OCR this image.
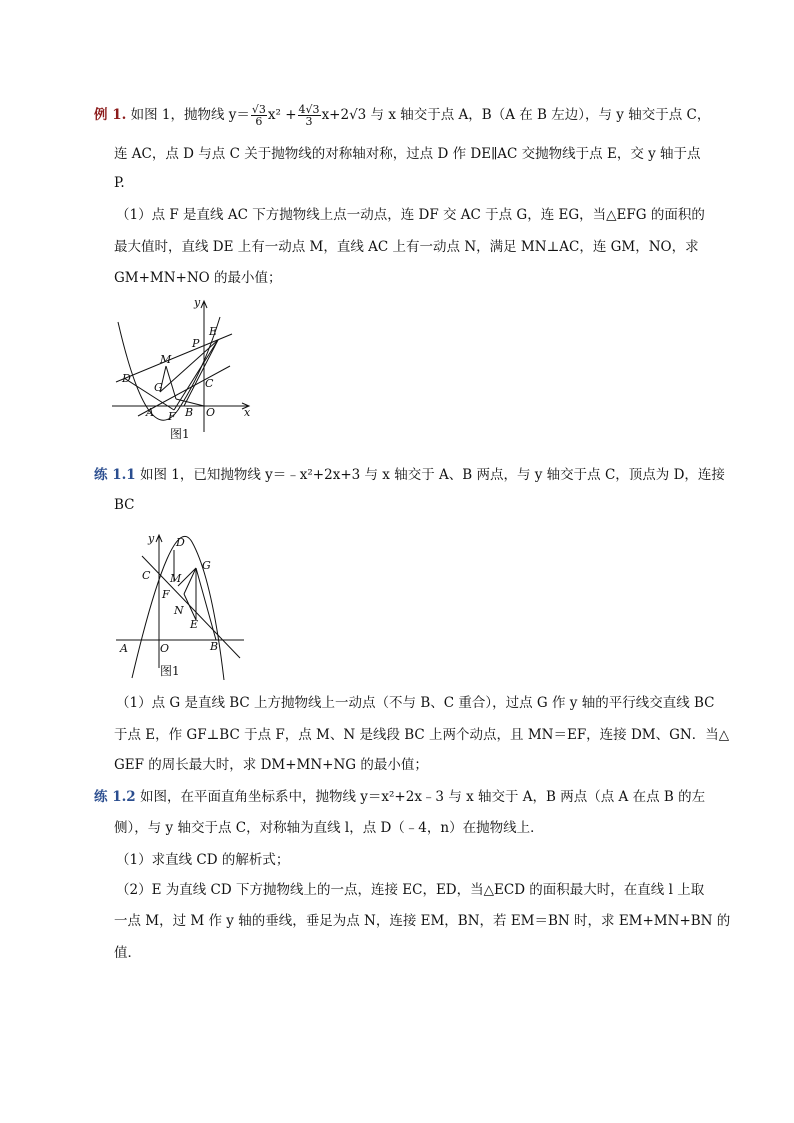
例 1. 如图 1，抛物线 $y= \frac{√3}{6} x^2 + \frac{4√3}{3} x+2√3$ 与 x 轴交于点 A，B（A 在 B 左边），与 y 轴交于点 C，
连 AC，点 D 与点 C 关于抛物线的对称轴对称，过点 D 作 DE∥AC 交抛物线于点 E，交 y 轴于点
P.
（1）点 F 是直线 AC 下方抛物线上点一动点，连 DF 交 AC 于点 G，连 EG，当△EFG 的面积的
最大值时，直线 DE 上有一动点 M，直线 AC 上有一动点 N，满足 MN⊥AC，连 GM，NO，求
GM+MN+NO 的最小值；
y
x
E
P
M
D	C
G
A F B O
图1
练 1.1 如图 1，已知抛物线 y＝﹣x²+2x+3 与 x 轴交于 A、B 两点，与 y 轴交于点 C，顶点为 D，连接
BC
y D
C M
G
F
N
E
A	O	B
图1
（1）点 G 是直线 BC 上方抛物线上一动点（不与 B、C 重合），过点 G 作 y 轴的平行线交直线 BC
于点 E，作 GF⊥BC 于点 F，点 M、N 是线段 BC 上两个动点，且 MN＝EF，连接 DM、GN．当△
GEF 的周长最大时，求 DM+MN+NG 的最小值；
练 1.2 如图，在平面直角坐标系中，抛物线 y＝x²+2x﹣3 与 x 轴交于 A，B 两点（点 A 在点 B 的左
侧），与 y 轴交于点 C，对称轴为直线 l，点 D（﹣4，n）在抛物线上．
（1）求直线 CD 的解析式；
（2）E 为直线 CD 下方抛物线上的一点，连接 EC，ED，当△ECD 的面积最大时，在直线 l 上取
一点 M，过 M 作 y 轴的垂线，垂足为点 N，连接 EM，BN，若 EM＝BN 时，求 EM+MN+BN 的
值．
